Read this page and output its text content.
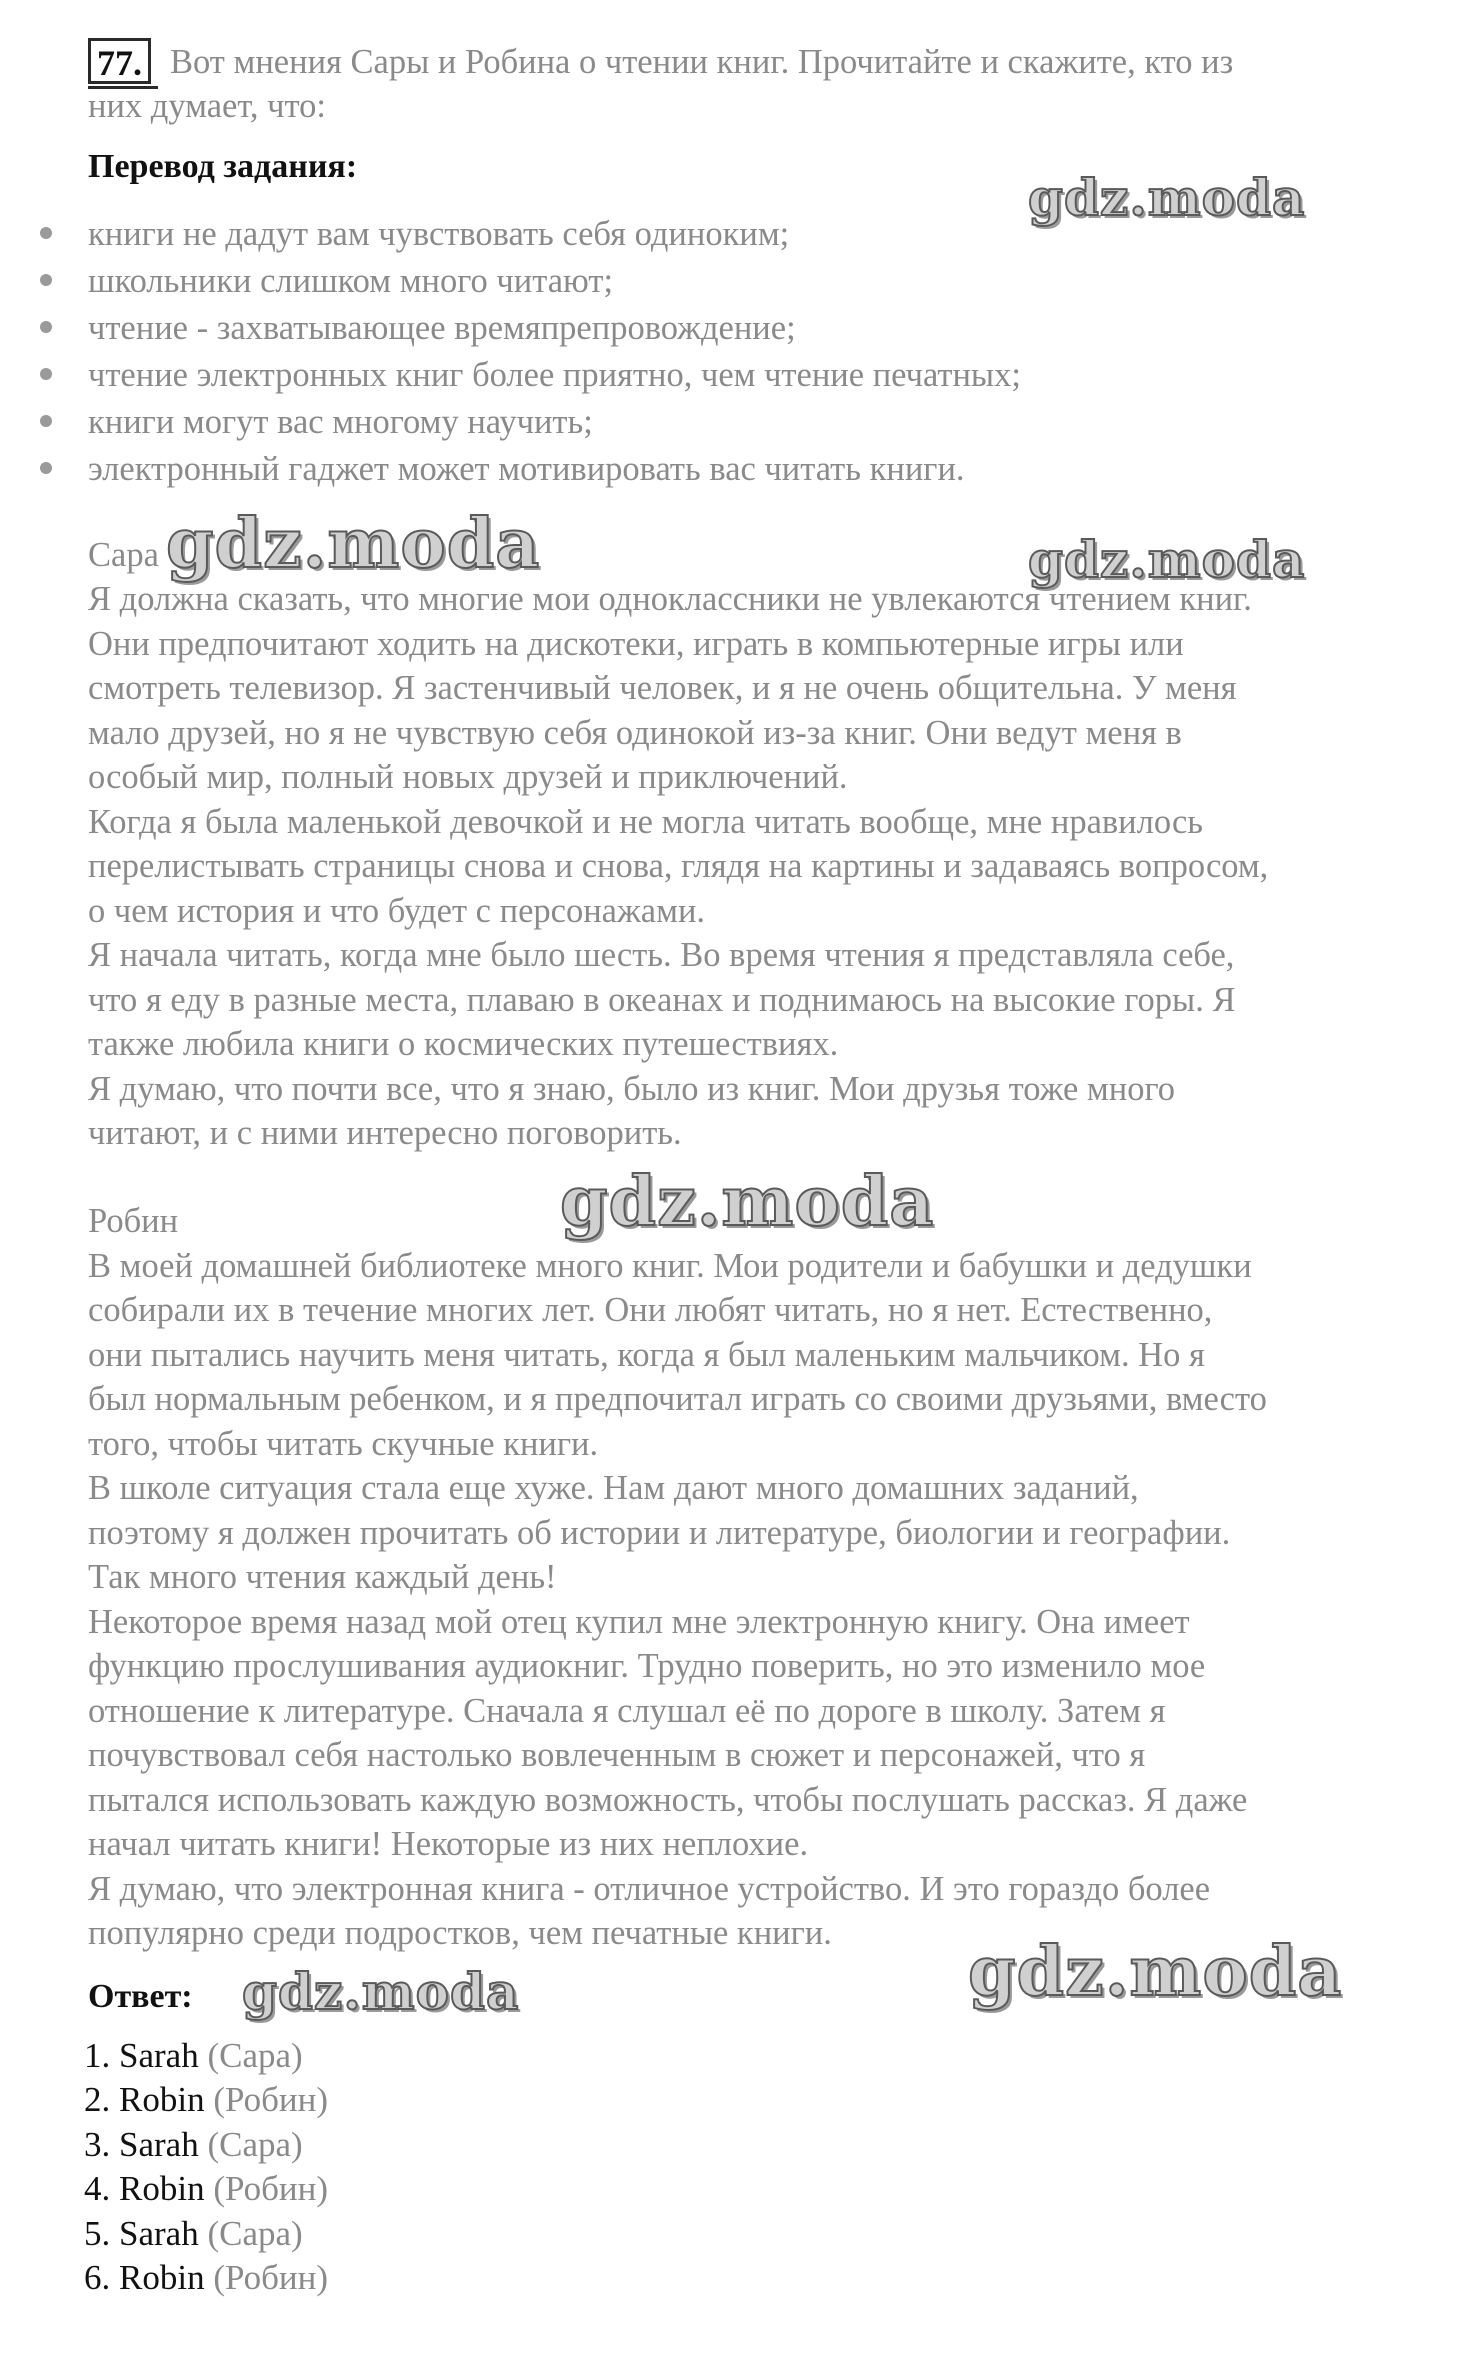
77. Вот мнения Сары и Робина о чтении книг. Прочитайте и скажите, кто из
них думает, что:
Перевод задания:
книги не дадут вам чувствовать себя одиноким;
школьники слишком много читают;
чтение - захватывающее времяпрепровождение;
чтение электронных книг более приятно, чем чтение печатных;
книги могут вас многому научить;
электронный гаджет может мотивировать вас читать книги.
Сара
Я должна сказать, что многие мои одноклассники не увлекаются чтением книг.
Они предпочитают ходить на дискотеки, играть в компьютерные игры или
смотреть телевизор. Я застенчивый человек, и я не очень общительна. У меня
мало друзей, но я не чувствую себя одинокой из-за книг. Они ведут меня в
особый мир, полный новых друзей и приключений.
Когда я была маленькой девочкой и не могла читать вообще, мне нравилось
перелистывать страницы снова и снова, глядя на картины и задаваясь вопросом,
о чем история и что будет с персонажами.
Я начала читать, когда мне было шесть. Во время чтения я представляла себе,
что я еду в разные места, плаваю в океанах и поднимаюсь на высокие горы. Я
также любила книги о космических путешествиях.
Я думаю, что почти все, что я знаю, было из книг. Мои друзья тоже много
читают, и с ними интересно поговорить.
Робин
В моей домашней библиотеке много книг. Мои родители и бабушки и дедушки
собирали их в течение многих лет. Они любят читать, но я нет. Естественно,
они пытались научить меня читать, когда я был маленьким мальчиком. Но я
был нормальным ребенком, и я предпочитал играть со своими друзьями, вместо
того, чтобы читать скучные книги.
В школе ситуация стала еще хуже. Нам дают много домашних заданий,
поэтому я должен прочитать об истории и литературе, биологии и географии.
Так много чтения каждый день!
Некоторое время назад мой отец купил мне электронную книгу. Она имеет
функцию прослушивания аудиокниг. Трудно поверить, но это изменило мое
отношение к литературе. Сначала я слушал её по дороге в школу. Затем я
почувствовал себя настолько вовлеченным в сюжет и персонажей, что я
пытался использовать каждую возможность, чтобы послушать рассказ. Я даже
начал читать книги! Некоторые из них неплохие.
Я думаю, что электронная книга - отличное устройство. И это гораздо более
популярно среди подростков, чем печатные книги.
Ответ:
1. Sarah (Сара)
2. Robin (Робин)
3. Sarah (Сара)
4. Robin (Робин)
5. Sarah (Сара)
6. Robin (Робин)
gdz.moda
gdz.moda	gdz.moda
gdz.moda
gdz.moda
gdz.moda
